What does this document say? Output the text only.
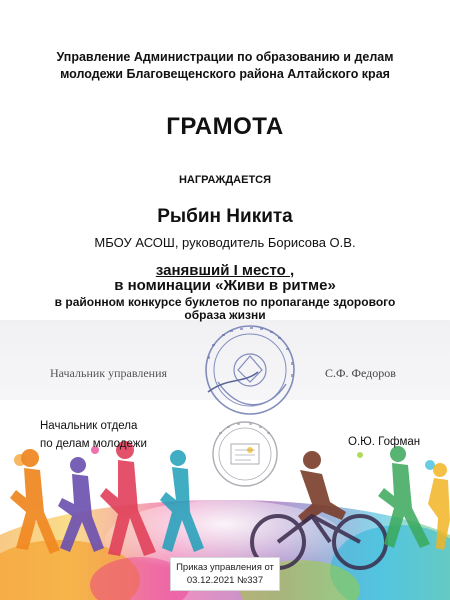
Управление Администрации по образованию и делам
молодежи Благовещенского района Алтайского края
ГРАМОТА
НАГРАЖДАЕТСЯ
Рыбин Никита
МБОУ АСОШ, руководитель Борисова О.В.
занявший I место ,
в номинации «Живи в ритме»
в районном конкурсе буклетов по пропаганде здорового
образа жизни
Начальник управления	С.Ф. Федоров
Начальник отдела
по делам молодежи	О.Ю. Гофман
Приказ управления от
03.12.2021 №337
